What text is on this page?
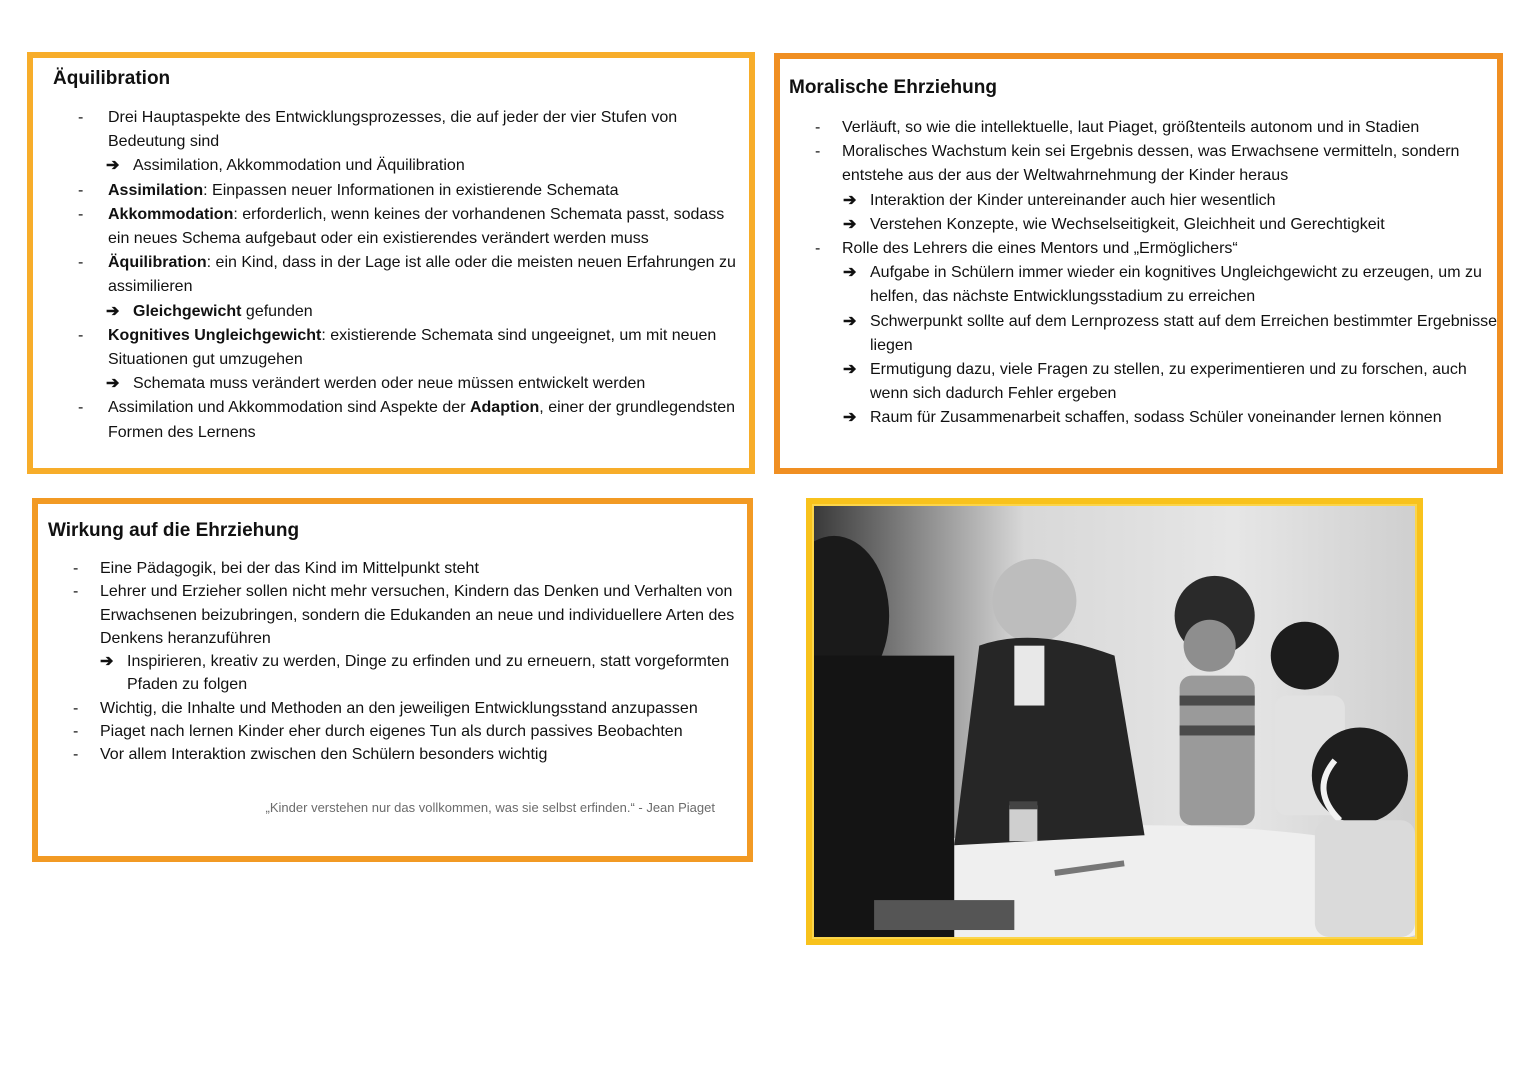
Äquilibration
- Drei Hauptaspekte des Entwicklungsprozesses, die auf jeder der vier Stufen von Bedeutung sind
➔ Assimilation, Akkommodation und Äquilibration
- Assimilation: Einpassen neuer Informationen in existierende Schemata
- Akkommodation: erforderlich, wenn keines der vorhandenen Schemata passt, sodass ein neues Schema aufgebaut oder ein existierendes verändert werden muss
- Äquilibration: ein Kind, dass in der Lage ist alle oder die meisten neuen Erfahrungen zu assimilieren
➔ Gleichgewicht gefunden
- Kognitives Ungleichgewicht: existierende Schemata sind ungeeignet, um mit neuen Situationen gut umzugehen
➔ Schemata muss verändert werden oder neue müssen entwickelt werden
- Assimilation und Akkommodation sind Aspekte der Adaption, einer der grundlegendsten Formen des Lernens
Moralische Ehrziehung
- Verläuft, so wie die intellektuelle, laut Piaget, größtenteils autonom und in Stadien
- Moralisches Wachstum kein sei Ergebnis dessen, was Erwachsene vermitteln, sondern entstehe aus der aus der Weltwahrnehmung der Kinder heraus
➔ Interaktion der Kinder untereinander auch hier wesentlich
➔ Verstehen Konzepte, wie Wechselseitigkeit, Gleichheit und Gerechtigkeit
- Rolle des Lehrers die eines Mentors und „Ermöglichers“
➔ Aufgabe in Schülern immer wieder ein kognitives Ungleichgewicht zu erzeugen, um zu helfen, das nächste Entwicklungsstadium zu erreichen
➔ Schwerpunkt sollte auf dem Lernprozess statt auf dem Erreichen bestimmter Ergebnisse liegen
➔ Ermutigung dazu, viele Fragen zu stellen, zu experimentieren und zu forschen, auch wenn sich dadurch Fehler ergeben
➔ Raum für Zusammenarbeit schaffen, sodass Schüler voneinander lernen können
Wirkung auf die Ehrziehung
- Eine Pädagogik, bei der das Kind im Mittelpunkt steht
- Lehrer und Erzieher sollen nicht mehr versuchen, Kindern das Denken und Verhalten von Erwachsenen beizubringen, sondern die Edukanden an neue und individuellere Arten des Denkens heranzuführen
➔ Inspirieren, kreativ zu werden, Dinge zu erfinden und zu erneuern, statt vorgeformten Pfaden zu folgen
- Wichtig, die Inhalte und Methoden an den jeweiligen Entwicklungsstand anzupassen
- Piaget nach lernen Kinder eher durch eigenes Tun als durch passives Beobachten
- Vor allem Interaktion zwischen den Schülern besonders wichtig
„Kinder verstehen nur das vollkommen, was sie selbst erfinden.“ - Jean Piaget
